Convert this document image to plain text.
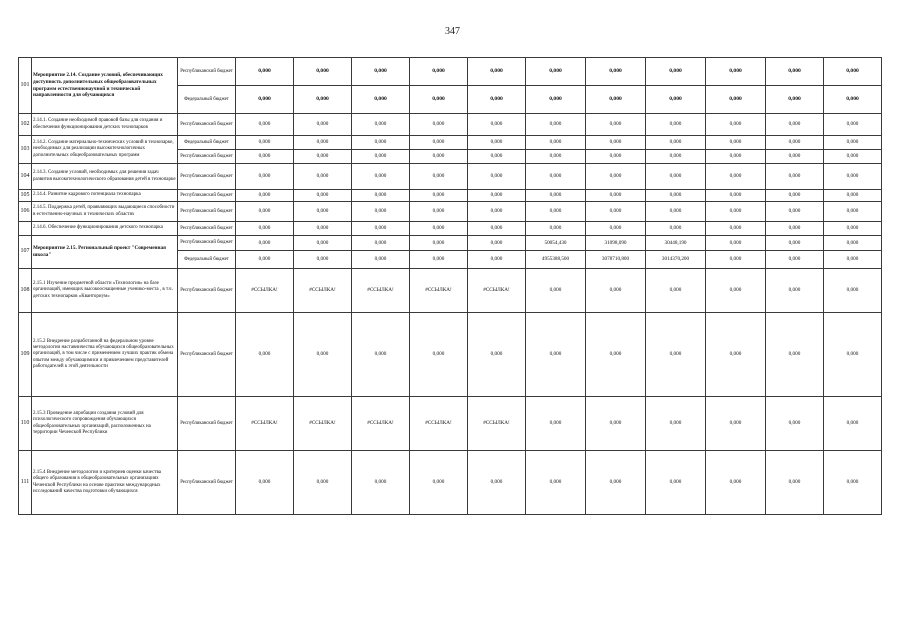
347
101	Мероприятие 2.14. Создание условий, обеспечивающих доступность дополнительных общеобразовательных программ естественнонаучной и технической направленности для обучающихся	Республиканский бюджет	0,000	0,000	0,000	0,000	0,000	0,000	0,000	0,000	0,000	0,000	0,000
		Федеральный бюджет	0,000	0,000	0,000	0,000	0,000	0,000	0,000	0,000	0,000	0,000	0,000
102	2.14.1. Создание необходимой правовой базы для создания и обеспечения функционирования детских технопарков	Республиканский бюджет	0,000	0,000	0,000	0,000	0,000	0,000	0,000	0,000	0,000	0,000	0,000
103	2.14.2. Создание материально-технических условий в технопарке, необходимых для реализации высокотехнологичных дополнительных общеобразовательных программ	Федеральный бюджет	0,000	0,000	0,000	0,000	0,000	0,000	0,000	0,000	0,000	0,000	0,000
		Республиканский бюджет	0,000	0,000	0,000	0,000	0,000	0,000	0,000	0,000	0,000	0,000	0,000
104	2.14.3. Создание условий, необходимых для решения задач развития высокотехнологического образования детей в технопарке	Республиканский бюджет	0,000	0,000	0,000	0,000	0,000	0,000	0,000	0,000	0,000	0,000	0,000
105	2.14.4. Развитие кадрового потенциала технопарка	Республиканский бюджет	0,000	0,000	0,000	0,000	0,000	0,000	0,000	0,000	0,000	0,000	0,000
106	2.14.5. Поддержка детей, проявляющих выдающиеся способности в естественно-научных и технических областях	Республиканский бюджет	0,000	0,000	0,000	0,000	0,000	0,000	0,000	0,000	0,000	0,000	0,000
	2.14.6. Обеспечение функционирования детского технопарка	Республиканский бюджет	0,000	0,000	0,000	0,000	0,000	0,000	0,000	0,000	0,000	0,000	0,000
107	Мероприятие 2.15. Региональный проект "Современная школа"	Республиканский бюджет	0,000	0,000	0,000	0,000	0,000	50054,430	31098,090	30448,190	0,000	0,000	0,000
		Федеральный бюджет	0,000	0,000	0,000	0,000	0,000	4955388,500	3078710,800	3014370,200	0,000	0,000	0,000
108	2.15.1 Изучение предметной области «Технология» на базе организаций, имеющих высокооснащенные ученико-места , в т.ч. детских технопарков «Кванториум»	Республиканский бюджет	#ССЫЛКА!	#ССЫЛКА!	#ССЫЛКА!	#ССЫЛКА!	#ССЫЛКА!	0,000	0,000	0,000	0,000	0,000	0,000
109	2.15.2 Внедрение разработанной на федеральном уровне методологии наставничества обучающихся общеобразовательных организаций, в том числе с применением лучших практик обмена опытом между обучающимися и привлечением представителей работодателей к этой деятельности	Республиканский бюджет	0,000	0,000	0,000	0,000	0,000	0,000	0,000	0,000	0,000	0,000	0,000
110	2.15.3 Проведение апробации создания условий для психологического сопровождения обучающихся общеобразовательных организаций, расположенных на территории Чеченской Республики	Республиканский бюджет	#ССЫЛКА!	#ССЫЛКА!	#ССЫЛКА!	#ССЫЛКА!	#ССЫЛКА!	0,000	0,000	0,000	0,000	0,000	0,000
111	2.15.4 Внедрение методологии и критериев оценки качества общего образования в общеобразовательных организациях Чеченской Республики на основе практики международных исследований качества подготовки обучающихся	Республиканский бюджет	0,000	0,000	0,000	0,000	0,000	0,000	0,000	0,000	0,000	0,000	0,000
